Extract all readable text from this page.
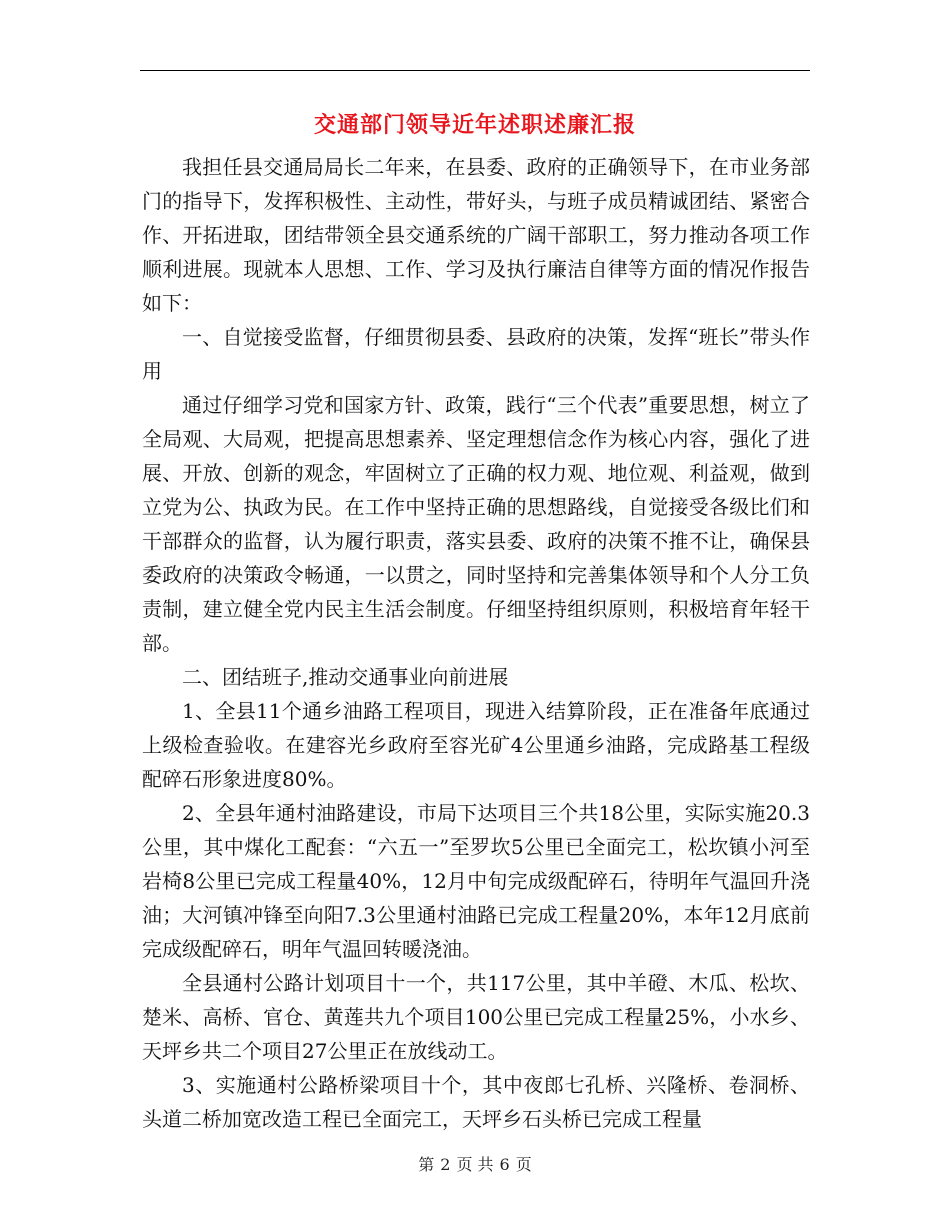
交通部门领导近年述职述廉汇报

我担任县交通局局长二年来，在县委、政府的正确领导下，在市业务部门的指导下，发挥积极性、主动性，带好头，与班子成员精诚团结、紧密合作、开拓进取，团结带领全县交通系统的广阔干部职工，努力推动各项工作顺利进展。现就本人思想、工作、学习及执行廉洁自律等方面的情况作报告如下：

一、自觉接受监督，仔细贯彻县委、县政府的决策，发挥“班长”带头作用

通过仔细学习党和国家方针、政策，践行“三个代表”重要思想，树立了全局观、大局观，把提高思想素养、坚定理想信念作为核心内容，强化了进展、开放、创新的观念，牢固树立了正确的权力观、地位观、利益观，做到立党为公、执政为民。在工作中坚持正确的思想路线，自觉接受各级比们和干部群众的监督，认为履行职责，落实县委、政府的决策不推不让，确保县委政府的决策政令畅通，一以贯之，同时坚持和完善集体领导和个人分工负责制，建立健全党内民主生活会制度。仔细坚持组织原则，积极培育年轻干部。

二、团结班子,推动交通事业向前进展

1、全县11个通乡油路工程项目，现进入结算阶段，正在准备年底通过上级检查验收。在建容光乡政府至容光矿4公里通乡油路，完成路基工程级配碎石形象进度80%。

2、全县年通村油路建设，市局下达项目三个共18公里，实际实施20.3公里，其中煤化工配套：“六五一”至罗坎5公里已全面完工，松坎镇小河至岩椅8公里已完成工程量40%，12月中旬完成级配碎石，待明年气温回升浇油；大河镇冲锋至向阳7.3公里通村油路已完成工程量20%，本年12月底前完成级配碎石，明年气温回转暖浇油。

全县通村公路计划项目十一个，共117公里，其中羊磴、木瓜、松坎、楚米、高桥、官仓、黄莲共九个项目100公里已完成工程量25%，小水乡、天坪乡共二个项目27公里正在放线动工。

3、实施通村公路桥梁项目十个，其中夜郎七孔桥、兴隆桥、卷洞桥、头道二桥加宽改造工程已全面完工，天坪乡石头桥已完成工程量

第 2 页 共 6 页
